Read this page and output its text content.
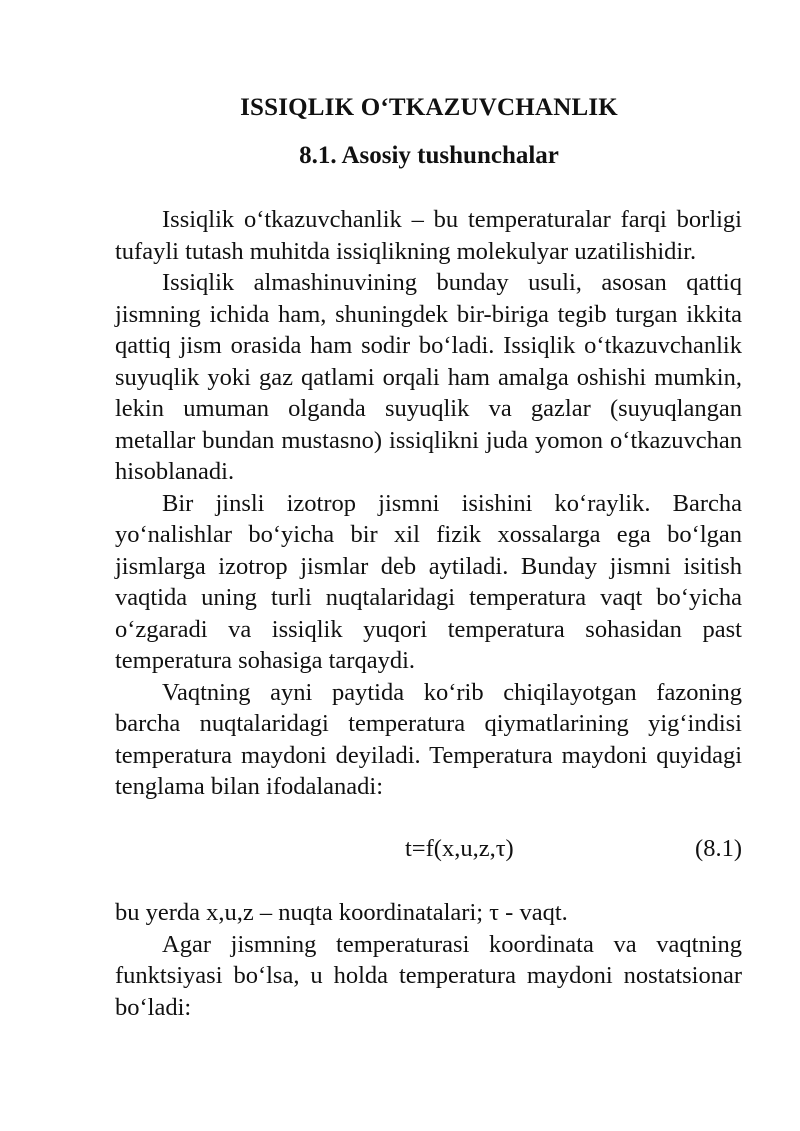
ISSIQLIK O‘TKAZUVCHANLIK
8.1. Asosiy tushunchalar

Issiqlik o‘tkazuvchanlik – bu temperaturalar farqi borligi tufayli tutash muhitda issiqlikning molekulyar uzatilishidir.

Issiqlik almashinuvining bunday usuli, asosan qattiq jismning ichida ham, shuningdek bir-biriga tegib turgan ikkita qattiq jism orasida ham sodir bo‘ladi. Issiqlik o‘tkazuvchanlik suyuqlik yoki gaz qatlami orqali ham amalga oshishi mumkin, lekin umuman olganda suyuqlik va gazlar (suyuqlangan metallar bundan mustasno) issiqlikni juda yomon o‘tkazuvchan hisoblanadi.

Bir jinsli izotrop jismni isishini ko‘raylik. Barcha yo‘nalishlar bo‘yicha bir xil fizik xossalarga ega bo‘lgan jismlarga izotrop jismlar deb aytiladi. Bunday jismni isitish vaqtida uning turli nuqtalaridagi temperatura vaqt bo‘yicha o‘zgaradi va issiqlik yuqori temperatura sohasidan past temperatura sohasiga tarqaydi.

Vaqtning ayni paytida ko‘rib chiqilayotgan fazoning barcha nuqtalaridagi temperatura qiymatlarining yig‘indisi temperatura maydoni deyiladi. Temperatura maydoni quyidagi tenglama bilan ifodalanadi:

t=f(x,u,z,τ)	(8.1)

bu yerda x,u,z – nuqta koordinatalari; τ - vaqt.

Agar jismning temperaturasi koordinata va vaqtning funktsiyasi bo‘lsa, u holda temperatura maydoni nostatsionar bo‘ladi:
